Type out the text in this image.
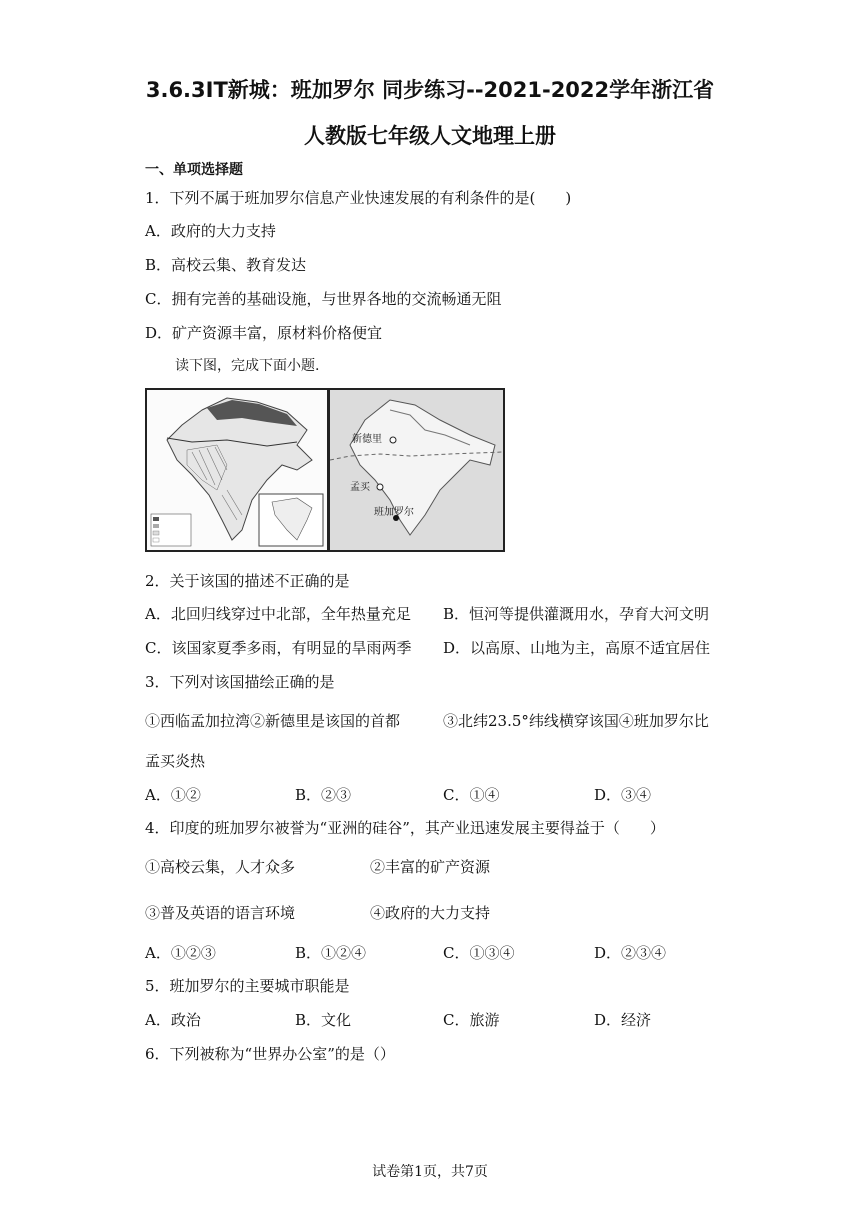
3.6.3IT新城：班加罗尔 同步练习--2021-2022学年浙江省
人教版七年级人文地理上册
一、单项选择题
1．下列不属于班加罗尔信息产业快速发展的有利条件的是(　　)
A．政府的大力支持
B．高校云集、教育发达
C．拥有完善的基础设施，与世界各地的交流畅通无阻
D．矿产资源丰富，原材料价格便宜
读下图，完成下面小题.
新德里
孟买
班加罗尔
2．关于该国的描述不正确的是
A．北回归线穿过中北部，全年热量充足 B．恒河等提供灌溉用水，孕育大河文明
C．该国家夏季多雨，有明显的旱雨两季 D．以高原、山地为主，高原不适宜居住
3．下列对该国描绘正确的是
①西临孟加拉湾②新德里是该国的首都	③北纬23.5°纬线横穿该国④班加罗尔比
孟买炎热
A．①②	B．②③	C．①④	D．③④
4．印度的班加罗尔被誉为“亚洲的硅谷”，其产业迅速发展主要得益于（　　）
①高校云集，人才众多	②丰富的矿产资源
③普及英语的语言环境	④政府的大力支持
A．①②③	B．①②④	C．①③④	D．②③④
5．班加罗尔的主要城市职能是
A．政治	B．文化	C．旅游	D．经济
6．下列被称为“世界办公室”的是（）
试卷第1页，共7页
